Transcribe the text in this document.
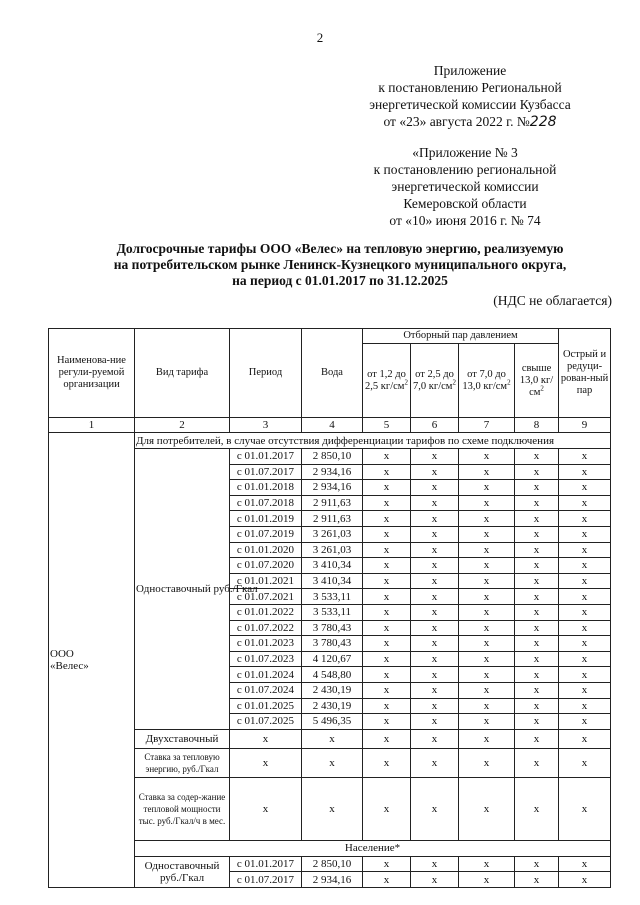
2
Приложение
к постановлению Региональной
энергетической комиссии Кузбасса
от «23» августа 2022 г. №228
«Приложение № 3
к постановлению региональной
энергетической комиссии
Кемеровской области
от «10» июня 2016 г. № 74
Долгосрочные тарифы ООО «Велес» на тепловую энергию, реализуемую
на потребительском рынке Ленинск-Кузнецкого муниципального округа,
на период с 01.01.2017 по 31.12.2025
(НДС не облагается)
Наименова-ние регули-руемой организации	Вид тарифа	Период	Вода	Отборный пар давлением				Острый и редуци-рован-ный пар
				от 1,2 до 2,5 $кг/см^2$	от 2,5 до 7,0 $кг/см^2$	от 7,0 до 13,0 $кг/см^2$	свыше 13,0 $кг/см^2$
1	2	3	4	5	6	7	8	9

ООО
«Велес»	Для потребителей, в случае отсутствия дифференциации тарифов по схеме подключения							
	Одноставочный руб./Гкал	с 01.01.2017	2 850,10	x	x	x	x	x
		с 01.07.2017	2 934,16	x	x	x	x	x
		с 01.01.2018	2 934,16	x	x	x	x	x
		с 01.07.2018	2 911,63	x	x	x	x	x
		с 01.01.2019	2 911,63	x	x	x	x	x
		с 01.07.2019	3 261,03	x	x	x	x	x
		с 01.01.2020	3 261,03	x	x	x	x	x
		с 01.07.2020	3 410,34	x	x	x	x	x
		с 01.01.2021	3 410,34	x	x	x	x	x
		с 01.07.2021	3 533,11	x	x	x	x	x
		с 01.01.2022	3 533,11	x	x	x	x	x
		с 01.07.2022	3 780,43	x	x	x	x	x
		с 01.01.2023	3 780,43	x	x	x	x	x
		с 01.07.2023	4 120,67	x	x	x	x	x
		с 01.01.2024	4 548,80	x	x	x	x	x
		с 01.07.2024	2 430,19	x	x	x	x	x
		с 01.01.2025	2 430,19	x	x	x	x	x
		с 01.07.2025	5 496,35	x	x	x	x	x
	Двухставочный	x	x	x	x	x	x	x
	Ставка за тепловую энергию, руб./Гкал	x	x	x	x	x	x	x
	Ставка за содер-жание тепловой мощности тыс. руб./Гкал/ч в мес.	x	x	x	x	x	x	x
	Население*							
	Одноставочный руб./Гкал	с 01.01.2017	2 850,10	x	x	x	x	x
		с 01.07.2017	2 934,16	x	x	x	x	x
